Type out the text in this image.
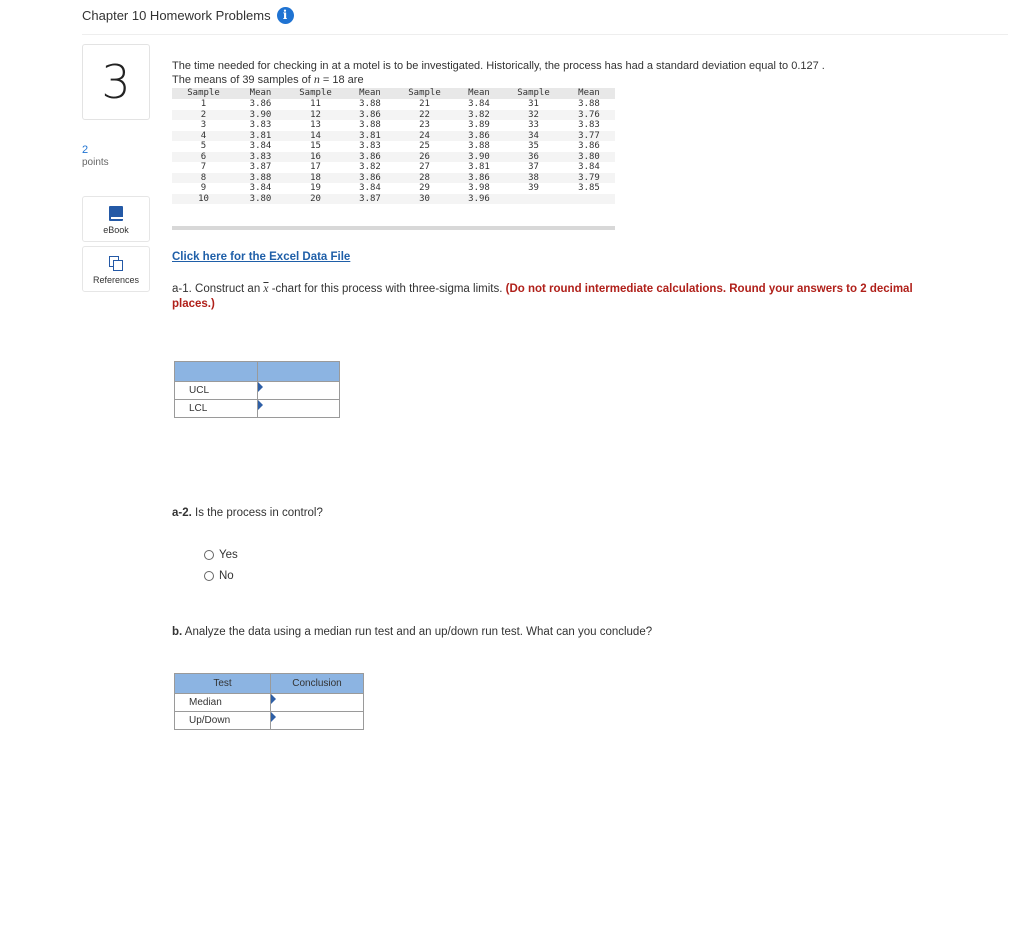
Chapter 10 Homework Problems	i
3
2
points
eBook
References
The time needed for checking in at a motel is to be investigated. Historically, the process has had a standard deviation equal to 0.127 .
The means of 39 samples of n = 18 are
Sample	Mean	Sample	Mean	Sample	Mean	Sample	Mean
1	3.86	11	3.88	21	3.84	31	3.88
2	3.90	12	3.86	22	3.82	32	3.76
3	3.83	13	3.88	23	3.89	33	3.83
4	3.81	14	3.81	24	3.86	34	3.77
5	3.84	15	3.83	25	3.88	35	3.86
6	3.83	16	3.86	26	3.90	36	3.80
7	3.87	17	3.82	27	3.81	37	3.84
8	3.88	18	3.86	28	3.86	38	3.79
9	3.84	19	3.84	29	3.98	39	3.85
10	3.80	20	3.87	30	3.96		
Click here for the Excel Data File
a-1. Construct an $\overline{x}$ -chart for this process with three-sigma limits. (Do not round intermediate calculations. Round your answers to 2 decimal places.)

UCL	

LCL	
a-2. Is the process in control?
Yes
No
b. Analyze the data using a median run test and an up/down run test. What can you conclude?
Test	Conclusion
Median	

Up/Down	
